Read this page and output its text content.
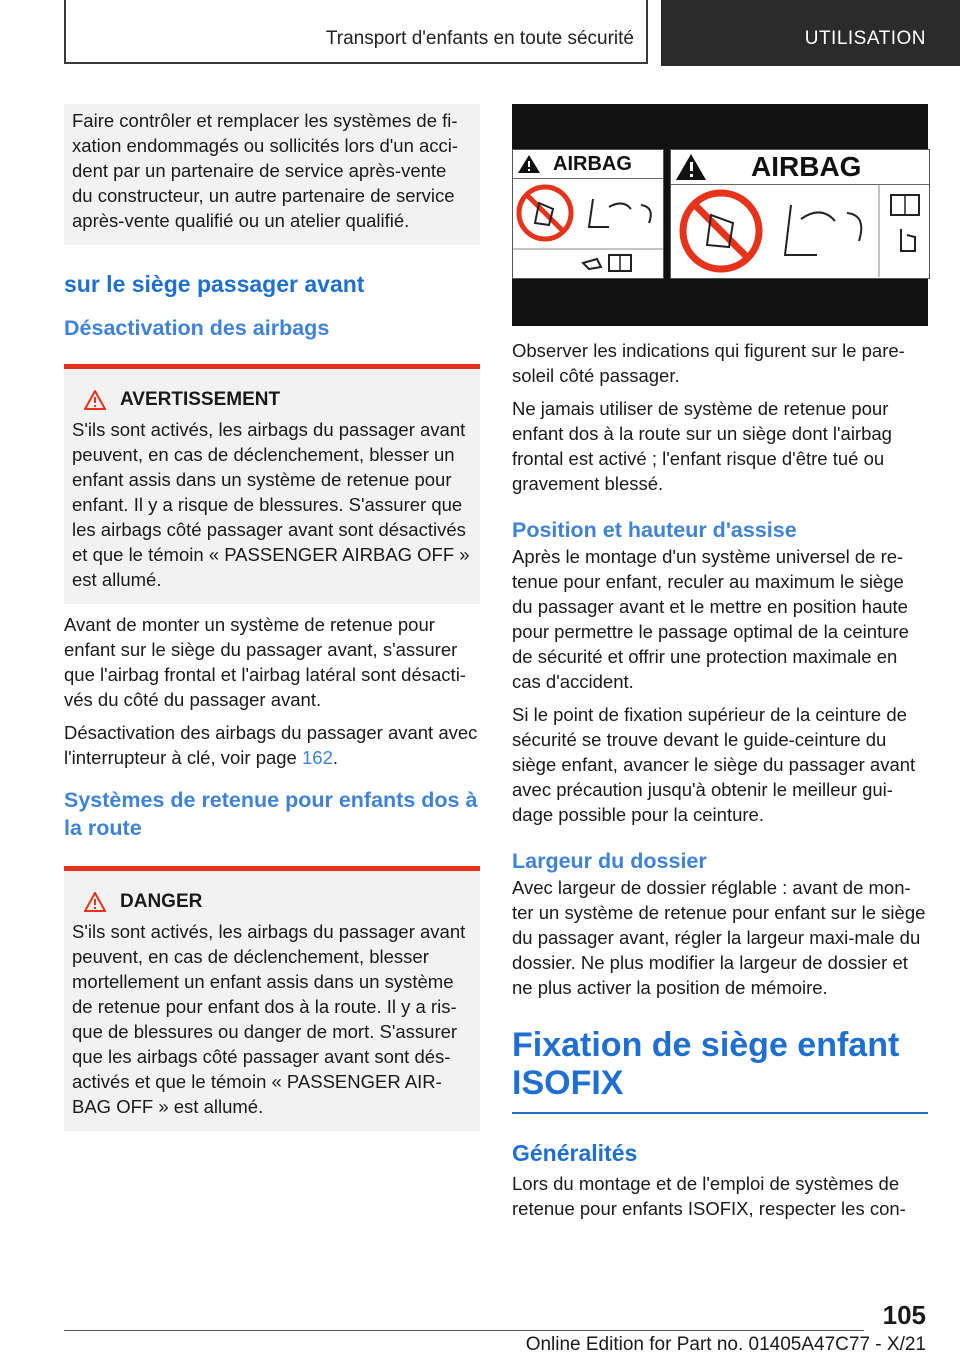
Transport d'enfants en toute sécurité	UTILISATION

Faire contrôler et remplacer les systèmes de fi-xation endommagés ou sollicités lors d'un acci-dent par un partenaire de service après-vente du constructeur, un autre partenaire de service après-vente qualifié ou un atelier qualifié.

sur le siège passager avant
Désactivation des airbags
AVERTISSEMENT

S'ils sont activés, les airbags du passager avant peuvent, en cas de déclenchement, blesser un enfant assis dans un système de retenue pour enfant. Il y a risque de blessures. S'assurer que les airbags côté passager avant sont désactivés et que le témoin « PASSENGER AIRBAG OFF » est allumé.

Avant de monter un système de retenue pour enfant sur le siège du passager avant, s'assurer que l'airbag frontal et l'airbag latéral sont désacti-vés du côté du passager avant.

Désactivation des airbags du passager avant avec l'interrupteur à clé, voir page 162.

Systèmes de retenue pour enfants dos à la route
DANGER

S'ils sont activés, les airbags du passager avant peuvent, en cas de déclenchement, blesser mortellement un enfant assis dans un système de retenue pour enfant dos à la route. Il y a ris-que de blessures ou danger de mort. S'assurer que les airbags côté passager avant sont dés-activés et que le témoin « PASSENGER AIR-BAG OFF » est allumé.

AIRBAG	AIRBAG

Observer les indications qui figurent sur le pare-soleil côté passager.

Ne jamais utiliser de système de retenue pour enfant dos à la route sur un siège dont l'airbag frontal est activé ; l'enfant risque d'être tué ou gravement blessé.

Position et hauteur d'assise

Après le montage d'un système universel de re-tenue pour enfant, reculer au maximum le siège du passager avant et le mettre en position haute pour permettre le passage optimal de la ceinture de sécurité et offrir une protection maximale en cas d'accident.

Si le point de fixation supérieur de la ceinture de sécurité se trouve devant le guide-ceinture du siège enfant, avancer le siège du passager avant avec précaution jusqu'à obtenir le meilleur gui-dage possible pour la ceinture.

Largeur du dossier

Avec largeur de dossier réglable : avant de mon-ter un système de retenue pour enfant sur le siège du passager avant, régler la largeur maxi-male du dossier. Ne plus modifier la largeur de dossier et ne plus activer la position de mémoire.

Fixation de siège enfant ISOFIX
Généralités

Lors du montage et de l'emploi de systèmes de retenue pour enfants ISOFIX, respecter les con-

105
Online Edition for Part no. 01405A47C77 - X/21
